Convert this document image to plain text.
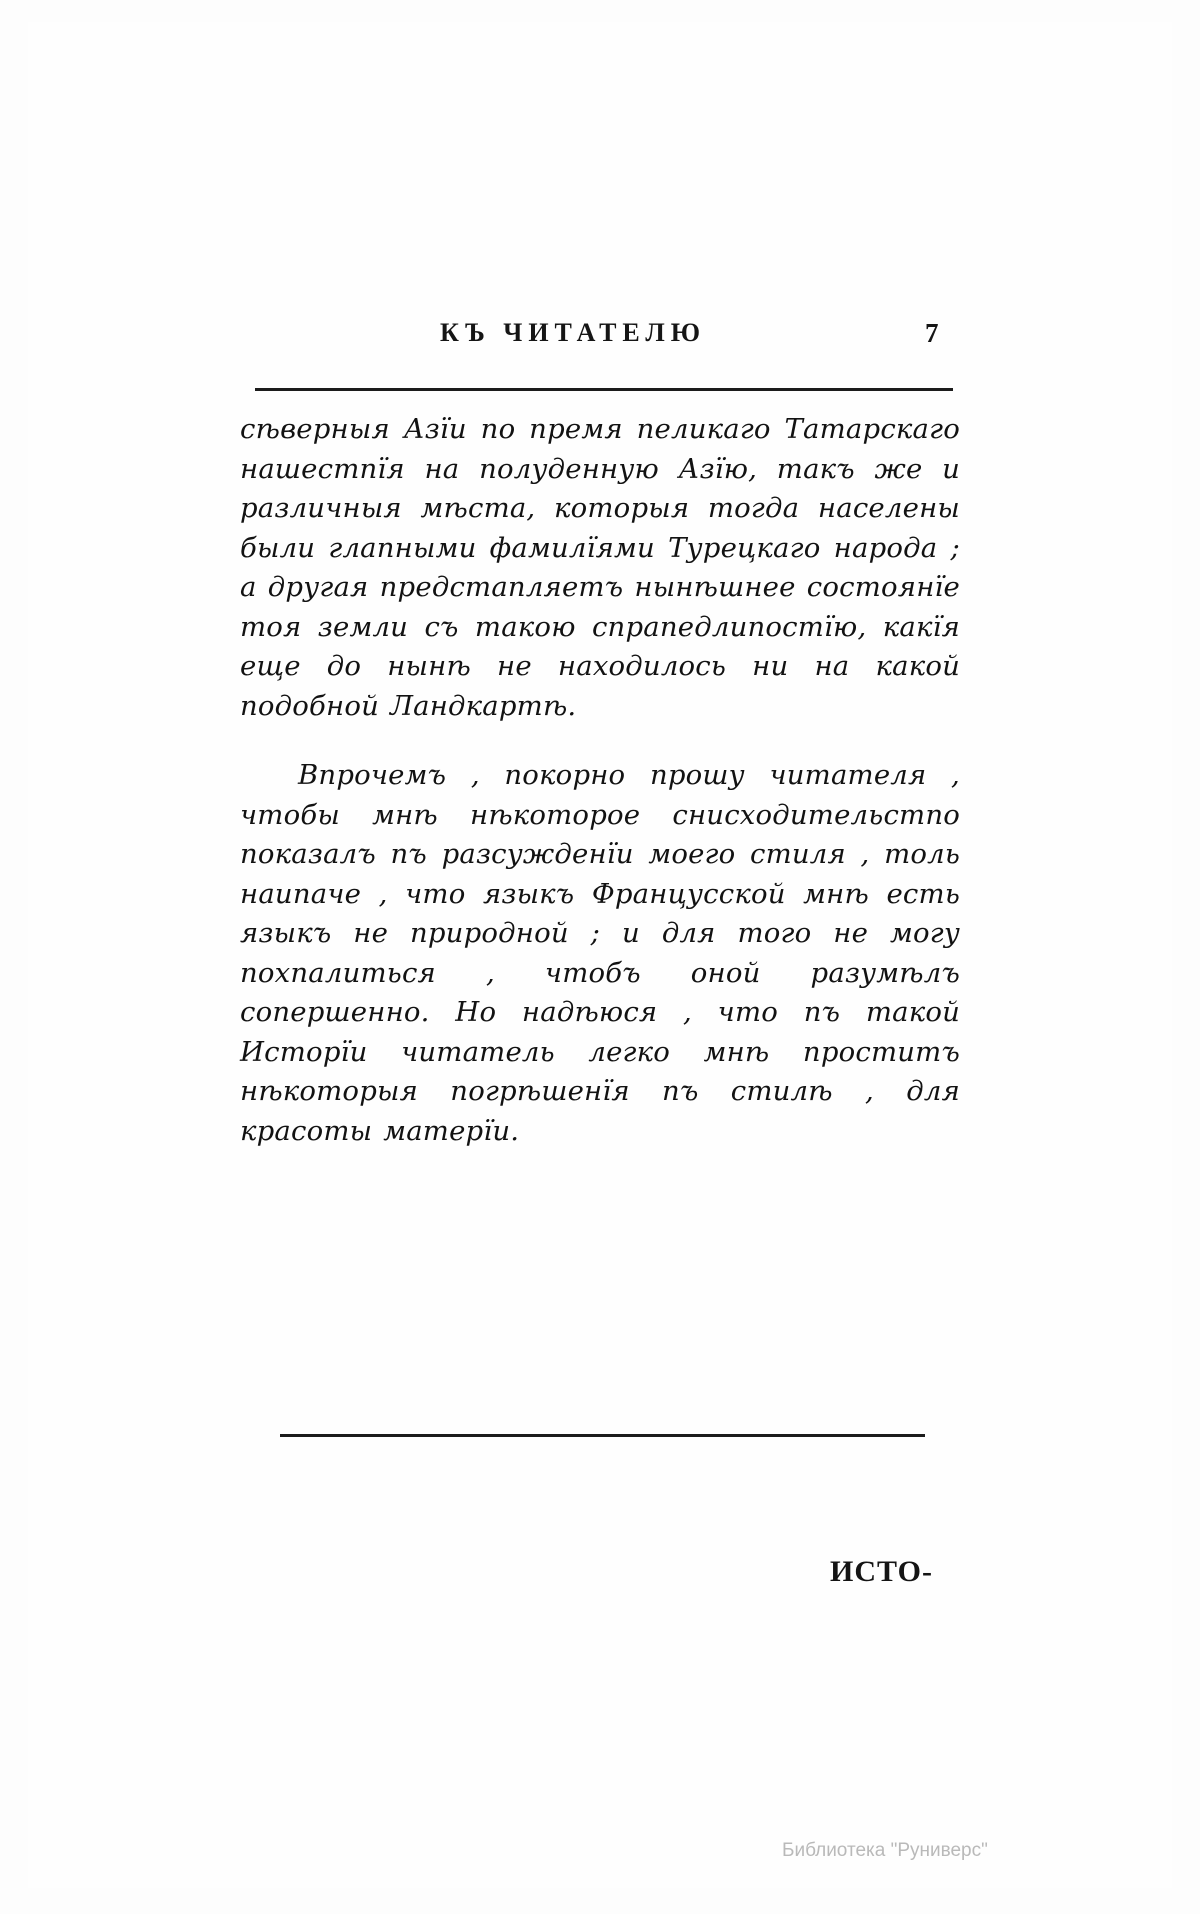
КЪ ЧИТАТЕЛЮ	7

сѣверныя Азїи по премя пеликаго Татарскаго нашестпїя на полуденную Азїю, такъ же и различныя мѣста, которыя тогда населены были глапными фамилїями Турецкаго народа ; а другая предстапляетъ нынѣшнее состоянїе тоя земли съ такою спрапедлипостїю, какїя еще до нынѣ не находилось ни на какой подобной Ландкартѣ.

Впрочемъ , покорно прошу читателя , чтобы мнѣ нѣкоторое снисходительстпо показалъ пъ разсужденїи моего стиля , толь наипаче , что языкъ Францусской мнѣ есть языкъ не природной ; и для того не могу похпалиться , чтобъ оной разумѣлъ сопершенно. Но надѣюся , что пъ такой Исторїи читатель легко мнѣ проститъ нѣкоторыя погрѣшенїя пъ стилѣ , для красоты матерїи.

ИСТО-
Библиотека "Руниверс"
